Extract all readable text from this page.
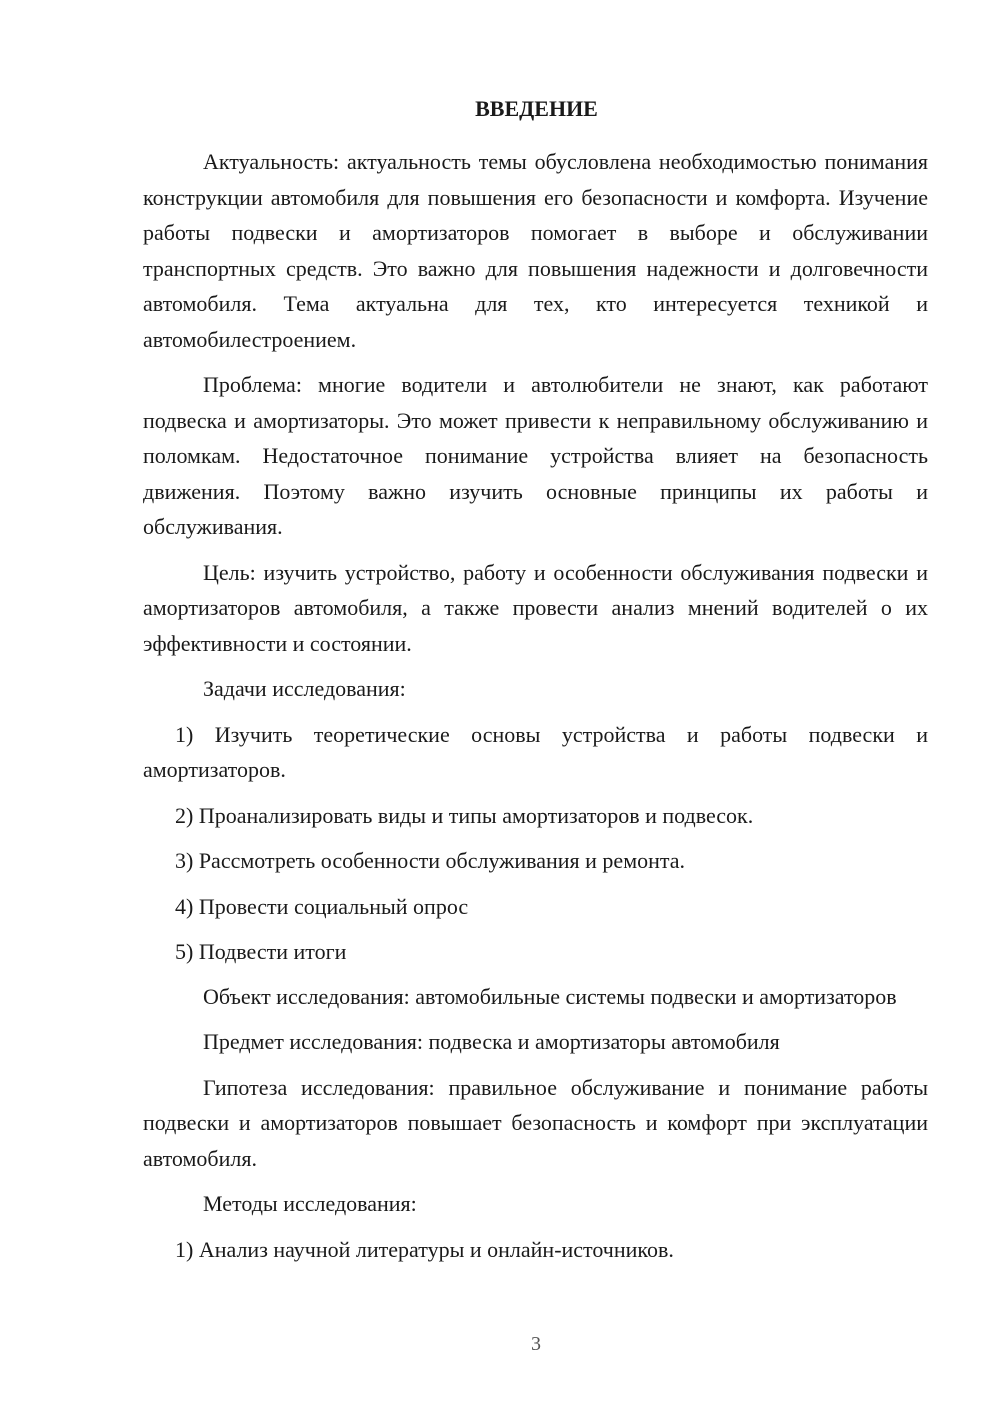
ВВЕДЕНИЕ

Актуальность: актуальность темы обусловлена необходимостью понимания конструкции автомобиля для повышения его безопасности и комфорта. Изучение работы подвески и амортизаторов помогает в выборе и обслуживании транспортных средств. Это важно для повышения надежности и долговечности автомобиля. Тема актуальна для тех, кто интересуется техникой и автомобилестроением.

Проблема: многие водители и автолюбители не знают, как работают подвеска и амортизаторы. Это может привести к неправильному обслуживанию и поломкам. Недостаточное понимание устройства влияет на безопасность движения. Поэтому важно изучить основные принципы их работы и обслуживания.

Цель: изучить устройство, работу и особенности обслуживания подвески и амортизаторов автомобиля, а также провести анализ мнений водителей о их эффективности и состоянии.

Задачи исследования:

1) Изучить теоретические основы устройства и работы подвески и амортизаторов.

2) Проанализировать виды и типы амортизаторов и подвесок.

3) Рассмотреть особенности обслуживания и ремонта.

4) Провести социальный опрос

5) Подвести итоги

Объект исследования: автомобильные системы подвески и амортизаторов

Предмет исследования: подвеска и амортизаторы автомобиля

Гипотеза исследования: правильное обслуживание и понимание работы подвески и амортизаторов повышает безопасность и комфорт при эксплуатации автомобиля.

Методы исследования:

1) Анализ научной литературы и онлайн-источников.

3
